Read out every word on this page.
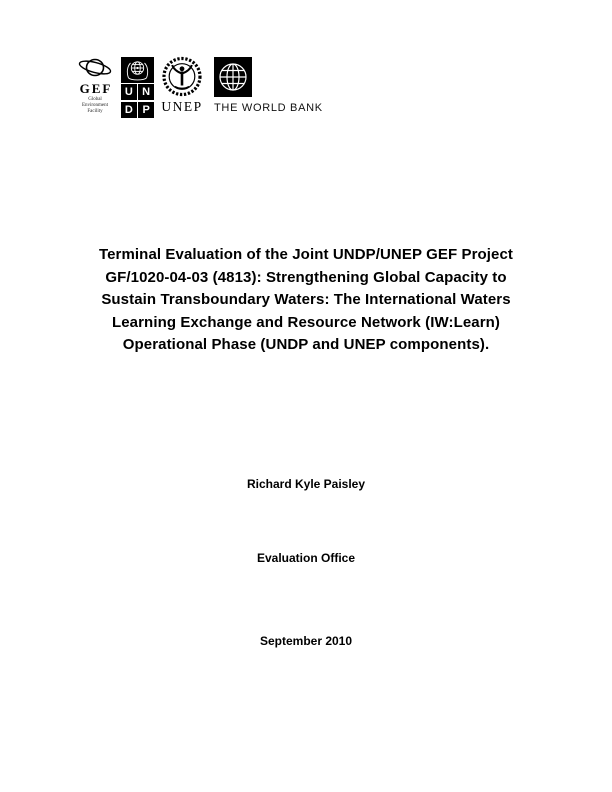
GEF
Global
Environment
Facility
U N
D P UNEP THE WORLD BANK
Terminal Evaluation of the Joint UNDP/UNEP GEF Project
GF/1020-04-03 (4813): Strengthening Global Capacity to
Sustain Transboundary Waters: The International Waters
Learning Exchange and Resource Network (IW:Learn)
Operational Phase (UNDP and UNEP components).
Richard Kyle Paisley
Evaluation Office
September 2010
